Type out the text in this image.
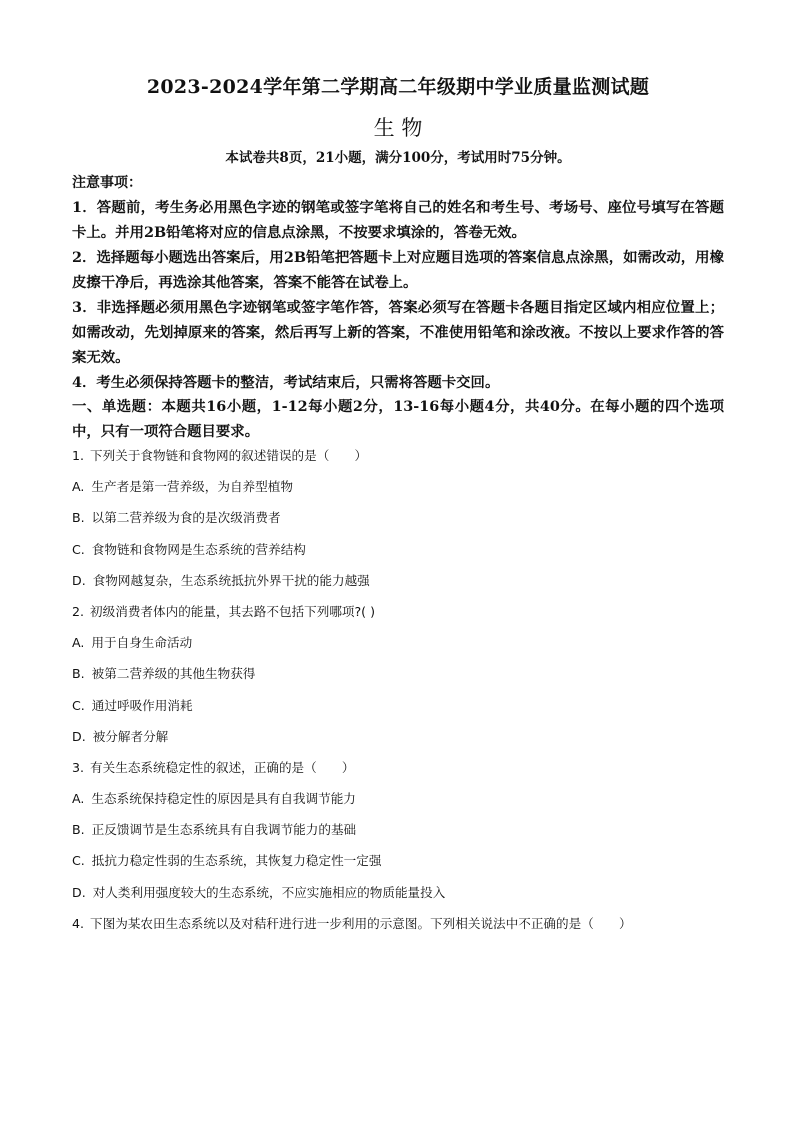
2023-2024学年第二学期高二年级期中学业质量监测试题
生 物
本试卷共8页，21小题，满分100分，考试用时75分钟。
注意事项：

1．答题前，考生务必用黑色字迹的钢笔或签字笔将自己的姓名和考生号、考场号、座位号填写在答题卡上。并用2B铅笔将对应的信息点涂黑，不按要求填涂的，答卷无效。

2．选择题每小题选出答案后，用2B铅笔把答题卡上对应题目选项的答案信息点涂黑，如需改动，用橡皮擦干净后，再选涂其他答案，答案不能答在试卷上。

3．非选择题必须用黑色字迹钢笔或签字笔作答，答案必须写在答题卡各题目指定区域内相应位置上；如需改动，先划掉原来的答案，然后再写上新的答案，不准使用铅笔和涂改液。不按以上要求作答的答案无效。

4．考生必须保持答题卡的整洁，考试结束后，只需将答题卡交回。

一、单选题：本题共16小题，1-12每小题2分，13-16每小题4分，共40分。在每小题的四个选项中，只有一项符合题目要求。

1. 下列关于食物链和食物网的叙述错误的是（　　）
A. 生产者是第一营养级，为自养型植物
B. 以第二营养级为食的是次级消费者
C. 食物链和食物网是生态系统的营养结构
D. 食物网越复杂，生态系统抵抗外界干扰的能力越强
2. 初级消费者体内的能量，其去路不包括下列哪项?( )
A. 用于自身生命活动
B. 被第二营养级的其他生物获得
C. 通过呼吸作用消耗
D. 被分解者分解
3. 有关生态系统稳定性的叙述，正确的是（　　）
A. 生态系统保持稳定性的原因是具有自我调节能力
B. 正反馈调节是生态系统具有自我调节能力的基础
C. 抵抗力稳定性弱的生态系统，其恢复力稳定性一定强
D. 对人类利用强度较大的生态系统，不应实施相应的物质能量投入
4. 下图为某农田生态系统以及对秸秆进行进一步利用的示意图。下列相关说法中不正确的是（　　）
